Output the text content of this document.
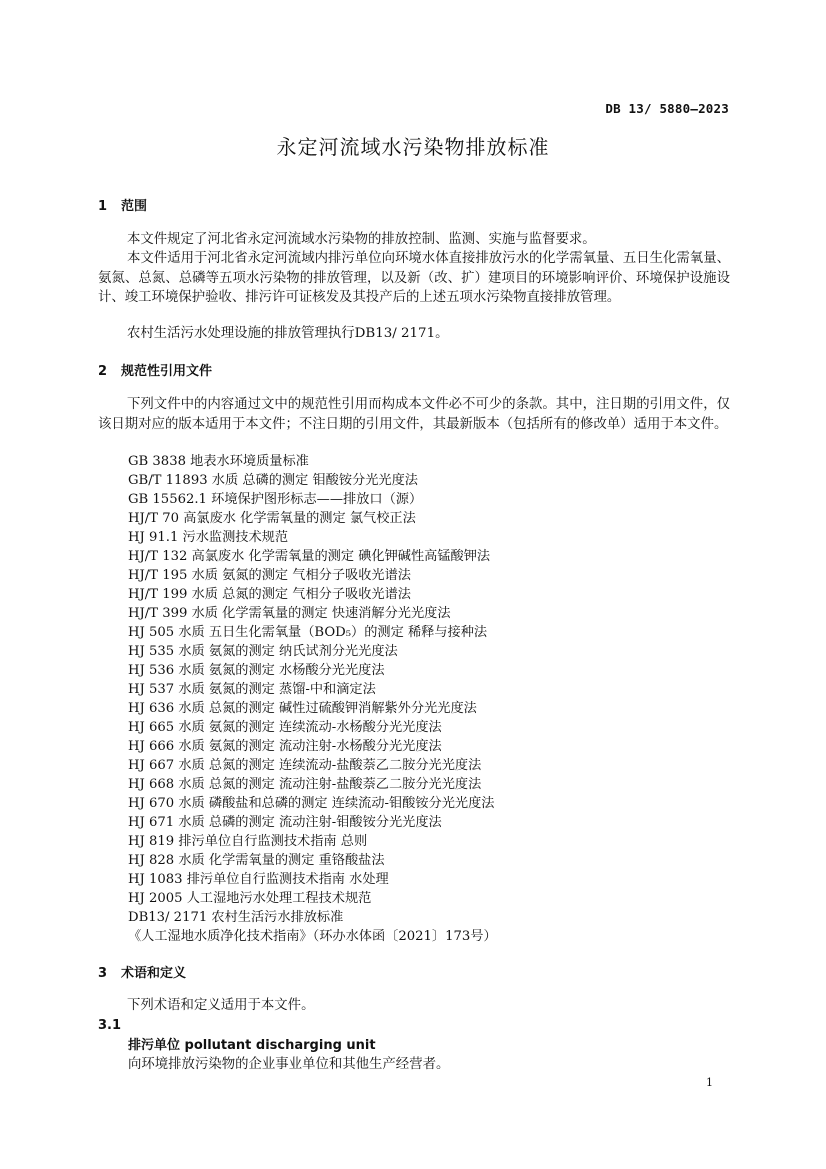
DB 13/ 5880—2023
永定河流域水污染物排放标准
1 范围

本文件规定了河北省永定河流域水污染物的排放控制、监测、实施与监督要求。

本文件适用于河北省永定河流域内排污单位向环境水体直接排放污水的化学需氧量、五日生化需氧量、氨氮、总氮、总磷等五项水污染物的排放管理，以及新（改、扩）建项目的环境影响评价、环境保护设施设计、竣工环境保护验收、排污许可证核发及其投产后的上述五项水污染物直接排放管理。

农村生活污水处理设施的排放管理执行DB13/ 2171。

2 规范性引用文件

下列文件中的内容通过文中的规范性引用而构成本文件必不可少的条款。其中，注日期的引用文件，仅该日期对应的版本适用于本文件；不注日期的引用文件，其最新版本（包括所有的修改单）适用于本文件。

GB 3838 地表水环境质量标准
GB/T 11893 水质 总磷的测定 钼酸铵分光光度法
GB 15562.1 环境保护图形标志——排放口（源）
HJ/T 70 高氯废水 化学需氧量的测定 氯气校正法
HJ 91.1 污水监测技术规范
HJ/T 132 高氯废水 化学需氧量的测定 碘化钾碱性高锰酸钾法
HJ/T 195 水质 氨氮的测定 气相分子吸收光谱法
HJ/T 199 水质 总氮的测定 气相分子吸收光谱法
HJ/T 399 水质 化学需氧量的测定 快速消解分光光度法
HJ 505 水质 五日生化需氧量（BOD₅）的测定 稀释与接种法
HJ 535 水质 氨氮的测定 纳氏试剂分光光度法
HJ 536 水质 氨氮的测定 水杨酸分光光度法
HJ 537 水质 氨氮的测定 蒸馏-中和滴定法
HJ 636 水质 总氮的测定 碱性过硫酸钾消解紫外分光光度法
HJ 665 水质 氨氮的测定 连续流动-水杨酸分光光度法
HJ 666 水质 氨氮的测定 流动注射-水杨酸分光光度法
HJ 667 水质 总氮的测定 连续流动-盐酸萘乙二胺分光光度法
HJ 668 水质 总氮的测定 流动注射-盐酸萘乙二胺分光光度法
HJ 670 水质 磷酸盐和总磷的测定 连续流动-钼酸铵分光光度法
HJ 671 水质 总磷的测定 流动注射-钼酸铵分光光度法
HJ 819 排污单位自行监测技术指南 总则
HJ 828 水质 化学需氧量的测定 重铬酸盐法
HJ 1083 排污单位自行监测技术指南 水处理
HJ 2005 人工湿地污水处理工程技术规范
DB13/ 2171 农村生活污水排放标准
《人工湿地水质净化技术指南》（环办水体函〔2021〕173号）
3 术语和定义

下列术语和定义适用于本文件。

3.1
排污单位 pollutant discharging unit
向环境排放污染物的企业事业单位和其他生产经营者。
1
